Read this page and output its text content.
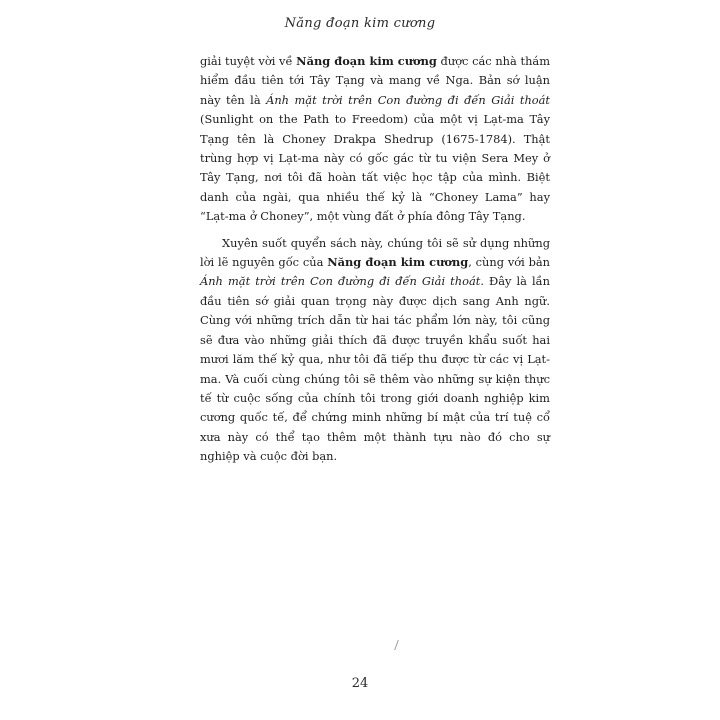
Năng đoạn kim cương

giải tuyệt vời về Năng đoạn kim cương được các nhà thám hiểm đầu tiên tới Tây Tạng và mang về Nga. Bản sớ luận này tên là Ánh mặt trời trên Con đường đi đến Giải thoát (Sunlight on the Path to Freedom) của một vị Lạt-ma Tây Tạng tên là Choney Drakpa Shedrup (1675-1784). Thật trùng hợp vị Lạt-ma này có gốc gác từ tu viện Sera Mey ở Tây Tạng, nơi tôi đã hoàn tất việc học tập của mình. Biệt danh của ngài, qua nhiều thế kỷ là “Choney Lama” hay “Lạt-ma ở Choney”, một vùng đất ở phía đông Tây Tạng.

Xuyên suốt quyển sách này, chúng tôi sẽ sử dụng những lời lẽ nguyên gốc của Năng đoạn kim cương, cùng với bản Ánh mặt trời trên Con đường đi đến Giải thoát. Đây là lần đầu tiên sớ giải quan trọng này được dịch sang Anh ngữ. Cùng với những trích dẫn từ hai tác phẩm lớn này, tôi cũng sẽ đưa vào những giải thích đã được truyền khẩu suốt hai mươi lăm thế kỷ qua, như tôi đã tiếp thu được từ các vị Lạt-ma. Và cuối cùng chúng tôi sẽ thêm vào những sự kiện thực tế từ cuộc sống của chính tôi trong giới doanh nghiệp kim cương quốc tế, để chứng minh những bí mật của trí tuệ cổ xưa này có thể tạo thêm một thành tựu nào đó cho sự nghiệp và cuộc đời bạn.

24
